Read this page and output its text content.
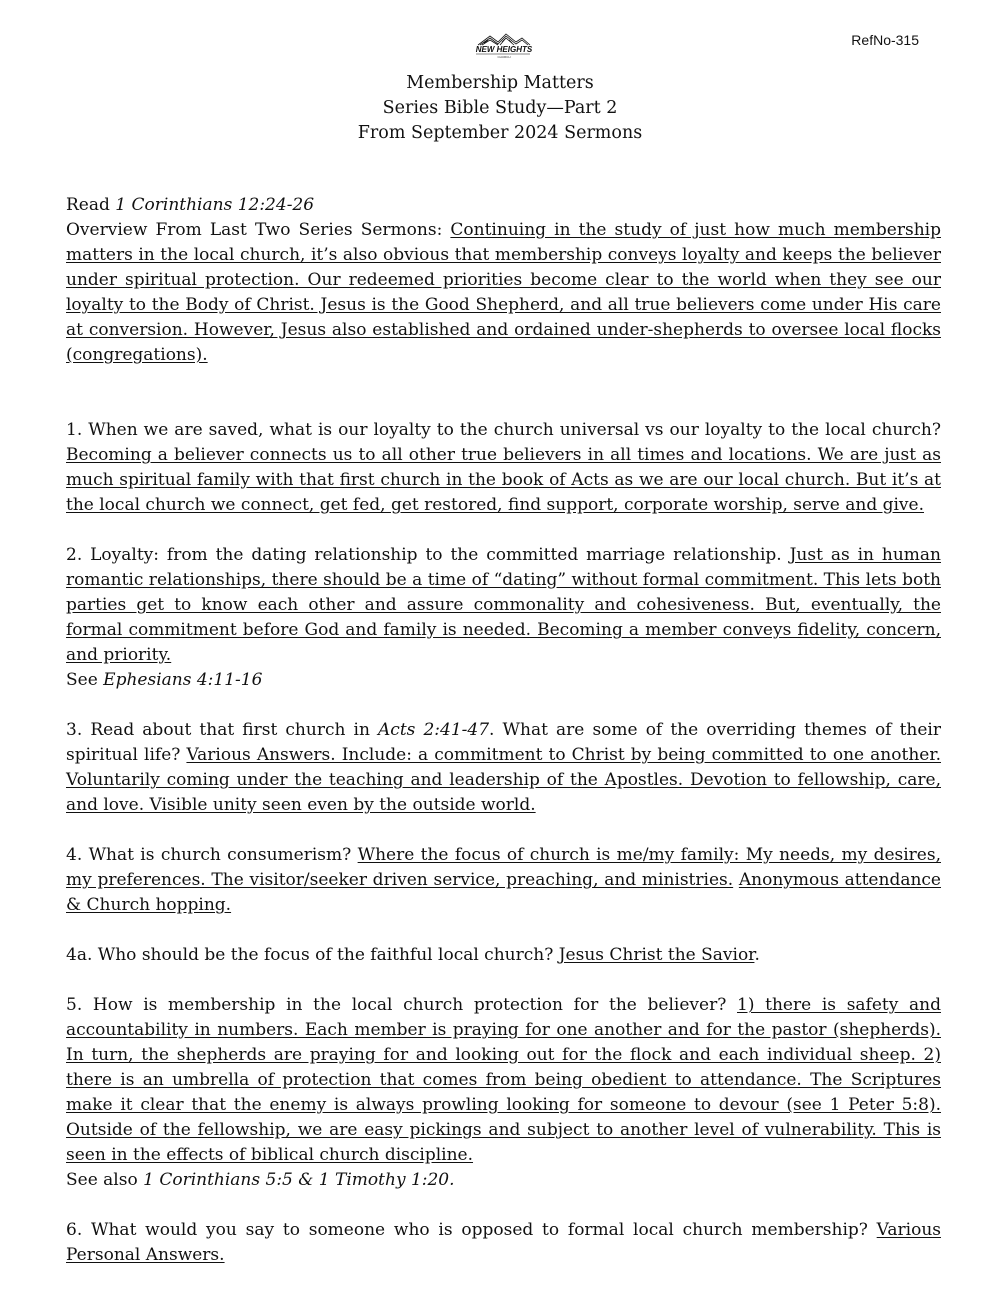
RefNo-315
NEW HEIGHTS
CHURCH
Membership Matters
Series Bible Study—Part 2
From September 2024 Sermons

Read 1 Corinthians 12:24-26

Overview From Last Two Series Sermons: Continuing in the study of just how much membership matters in the local church, it’s also obvious that membership conveys loyalty and keeps the believer under spiritual protection. Our redeemed priorities become clear to the world when they see our loyalty to the Body of Christ. Jesus is the Good Shepherd, and all true believers come under His care at conversion. However, Jesus also established and ordained under-shepherds to oversee local flocks (congregations).

1. When we are saved, what is our loyalty to the church universal vs our loyalty to the local church? Becoming a believer connects us to all other true believers in all times and locations. We are just as much spiritual family with that first church in the book of Acts as we are our local church. But it’s at the local church we connect, get fed, get restored, find support, corporate worship, serve and give.

2. Loyalty: from the dating relationship to the committed marriage relationship. Just as in human romantic relationships, there should be a time of “dating” without formal commitment. This lets both parties get to know each other and assure commonality and cohesiveness. But, eventually, the formal commitment before God and family is needed. Becoming a member conveys fidelity, concern, and priority.

See Ephesians 4:11-16

3. Read about that first church in Acts 2:41-47. What are some of the overriding themes of their spiritual life? Various Answers. Include: a commitment to Christ by being committed to one another. Voluntarily coming under the teaching and leadership of the Apostles. Devotion to fellowship, care, and love. Visible unity seen even by the outside world.

4. What is church consumerism? Where the focus of church is me/my family: My needs, my desires, my preferences. The visitor/seeker driven service, preaching, and ministries. Anonymous attendance & Church hopping.

4a. Who should be the focus of the faithful local church? Jesus Christ the Savior.

5. How is membership in the local church protection for the believer? 1) there is safety and accountability in numbers. Each member is praying for one another and for the pastor (shepherds). In turn, the shepherds are praying for and looking out for the flock and each individual sheep. 2) there is an umbrella of protection that comes from being obedient to attendance. The Scriptures make it clear that the enemy is always prowling looking for someone to devour (see 1 Peter 5:8). Outside of the fellowship, we are easy pickings and subject to another level of vulnerability. This is seen in the effects of biblical church discipline.

See also 1 Corinthians 5:5 & 1 Timothy 1:20.

6. What would you say to someone who is opposed to formal local church membership? Various Personal Answers.
